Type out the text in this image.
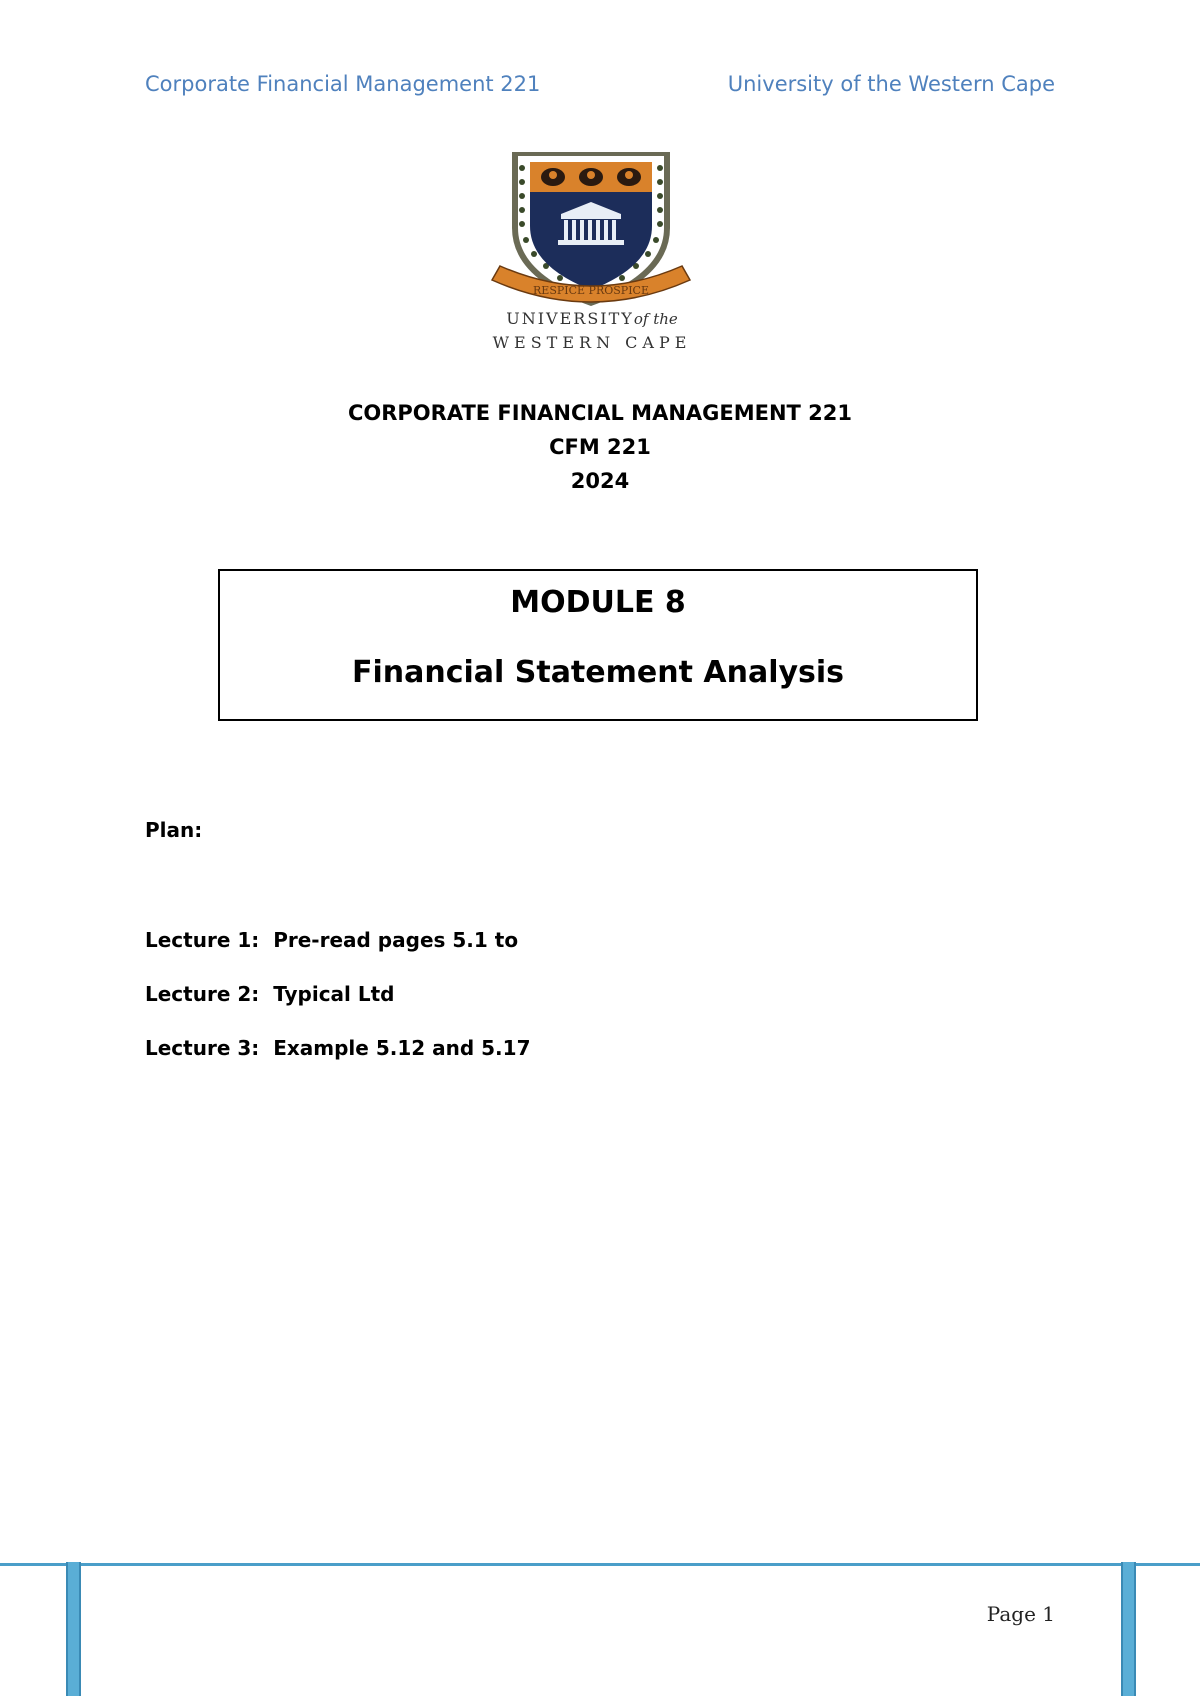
Corporate Financial Management 221	University of the Western Cape
RESPICE PROSPICE
UNIVERSITYof the
WESTERN CAPE
CORPORATE FINANCIAL MANAGEMENT 221
CFM 221
2024
MODULE 8
Financial Statement Analysis
Plan:
Lecture 1: Pre-read pages 5.1 to
Lecture 2: Typical Ltd
Lecture 3: Example 5.12 and 5.17
Page 1
